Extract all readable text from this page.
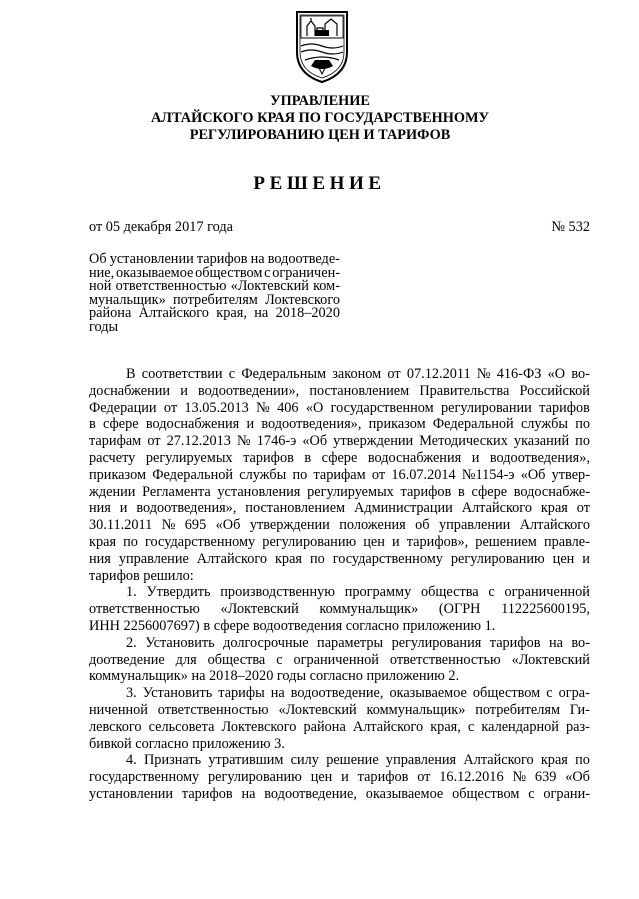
УПРАВЛЕНИЕ
АЛТАЙСКОГО КРАЯ ПО ГОСУДАРСТВЕННОМУ
РЕГУЛИРОВАНИЮ ЦЕН И ТАРИФОВ
РЕШЕНИЕ
от 05 декабря 2017 года	№ 532
Об установлении тарифов на водоотведе-
ние, оказываемое обществом с ограничен-
ной ответственностью «Локтевский ком-
мунальщик» потребителям Локтевского
района Алтайского края, на 2018–2020
годы
В соответствии с Федеральным законом от 07.12.2011 № 416-ФЗ «О во-
доснабжении и водоотведении», постановлением Правительства Российской
Федерации от 13.05.2013 № 406 «О государственном регулировании тарифов
в сфере водоснабжения и водоотведения», приказом Федеральной службы по
тарифам от 27.12.2013 № 1746-э «Об утверждении Методических указаний по
расчету регулируемых тарифов в сфере водоснабжения и водоотведения»,
приказом Федеральной службы по тарифам от 16.07.2014 №1154-э «Об утвер-
ждении Регламента установления регулируемых тарифов в сфере водоснабже-
ния и водоотведения», постановлением Администрации Алтайского края от
30.11.2011 № 695 «Об утверждении положения об управлении Алтайского
края по государственному регулированию цен и тарифов», решением правле-
ния управление Алтайского края по государственному регулированию цен и
тарифов решило:
1. Утвердить производственную программу общества с ограниченной
ответственностью «Локтевский коммунальщик» (ОГРН 112225600195,
ИНН 2256007697) в сфере водоотведения согласно приложению 1.
2. Установить долгосрочные параметры регулирования тарифов на во-
доотведение для общества с ограниченной ответственностью «Локтевский
коммунальщик» на 2018–2020 годы согласно приложению 2.
3. Установить тарифы на водоотведение, оказываемое обществом с огра-
ниченной ответственностью «Локтевский коммунальщик» потребителям Ги-
левского сельсовета Локтевского района Алтайского края, с календарной раз-
бивкой согласно приложению 3.
4. Признать утратившим силу решение управления Алтайского края по
государственному регулированию цен и тарифов от 16.12.2016 № 639 «Об
установлении тарифов на водоотведение, оказываемое обществом с ограни-
